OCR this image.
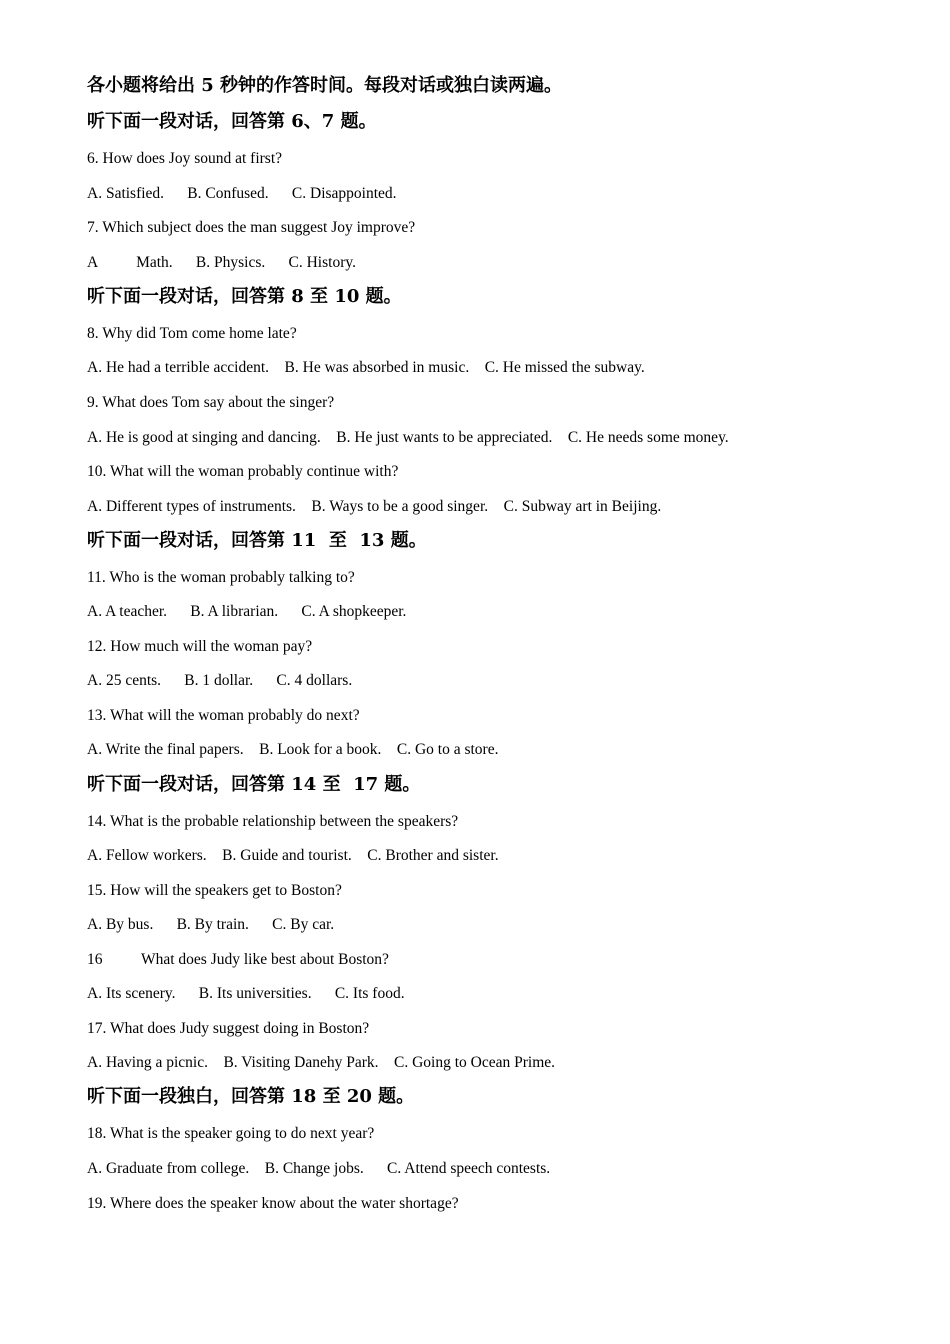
各小题将给出 5 秒钟的作答时间。每段对话或独白读两遍。
听下面一段对话，回答第 6、7 题。
6. How does Joy sound at first?
A. Satisfied.      B. Confused.      C. Disappointed.
7. Which subject does the man suggest Joy improve?
A          Math.      B. Physics.      C. History.
听下面一段对话，回答第 8 至 10 题。
8. Why did Tom come home late?
A. He had a terrible accident.    B. He was absorbed in music.    C. He missed the subway.
9. What does Tom say about the singer?
A. He is good at singing and dancing.    B. He just wants to be appreciated.    C. He needs some money.
10. What will the woman probably continue with?
A. Different types of instruments.    B. Ways to be a good singer.    C. Subway art in Beijing.
听下面一段对话，回答第 11  至  13 题。
11. Who is the woman probably talking to?
A. A teacher.      B. A librarian.      C. A shopkeeper.
12. How much will the woman pay?
A. 25 cents.      B. 1 dollar.      C. 4 dollars.
13. What will the woman probably do next?
A. Write the final papers.    B. Look for a book.    C. Go to a store.
听下面一段对话，回答第 14 至  17 题。
14. What is the probable relationship between the speakers?
A. Fellow workers.    B. Guide and tourist.    C. Brother and sister.
15. How will the speakers get to Boston?
A. By bus.      B. By train.      C. By car.
16          What does Judy like best about Boston?
A. Its scenery.      B. Its universities.      C. Its food.
17. What does Judy suggest doing in Boston?
A. Having a picnic.    B. Visiting Danehy Park.    C. Going to Ocean Prime.
听下面一段独白，回答第 18 至 20 题。
18. What is the speaker going to do next year?
A. Graduate from college.    B. Change jobs.      C. Attend speech contests.
19. Where does the speaker know about the water shortage?
